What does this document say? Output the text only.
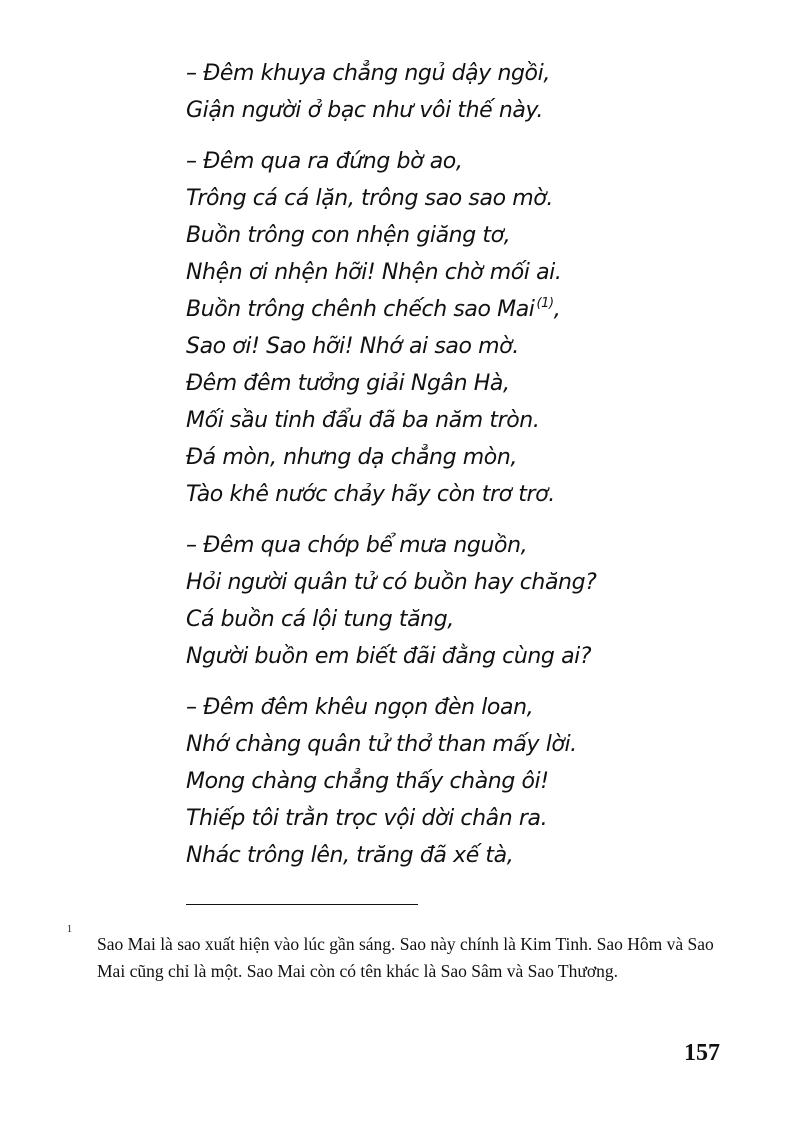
– Đêm khuya chẳng ngủ dậy ngồi,
Giận người ở bạc như vôi thế này.
– Đêm qua ra đứng bờ ao,
Trông cá cá lặn, trông sao sao mờ.
Buồn trông con nhện giăng tơ,
Nhện ơi nhện hỡi! Nhện chờ mối ai.
Buồn trông chênh chếch sao Mai $^{(1)}$,
Sao ơi! Sao hỡi! Nhớ ai sao mờ.
Đêm đêm tưởng giải Ngân Hà,
Mối sầu tinh đẩu đã ba năm tròn.
Đá mòn, nhưng dạ chẳng mòn,
Tào khê nước chảy hãy còn trơ trơ.
– Đêm qua chớp bể mưa nguồn,
Hỏi người quân tử có buồn hay chăng?
Cá buồn cá lội tung tăng,
Người buồn em biết đãi đằng cùng ai?
– Đêm đêm khêu ngọn đèn loan,
Nhớ chàng quân tử thở than mấy lời.
Mong chàng chẳng thấy chàng ôi!
Thiếp tôi trằn trọc vội dời chân ra.
Nhác trông lên, trăng đã xế tà,
1
Sao Mai là sao xuất hiện vào lúc gần sáng. Sao này chính là Kim Tinh. Sao Hôm và Sao Mai cũng chỉ là một. Sao Mai còn có tên khác là Sao Sâm và Sao Thương.
157
